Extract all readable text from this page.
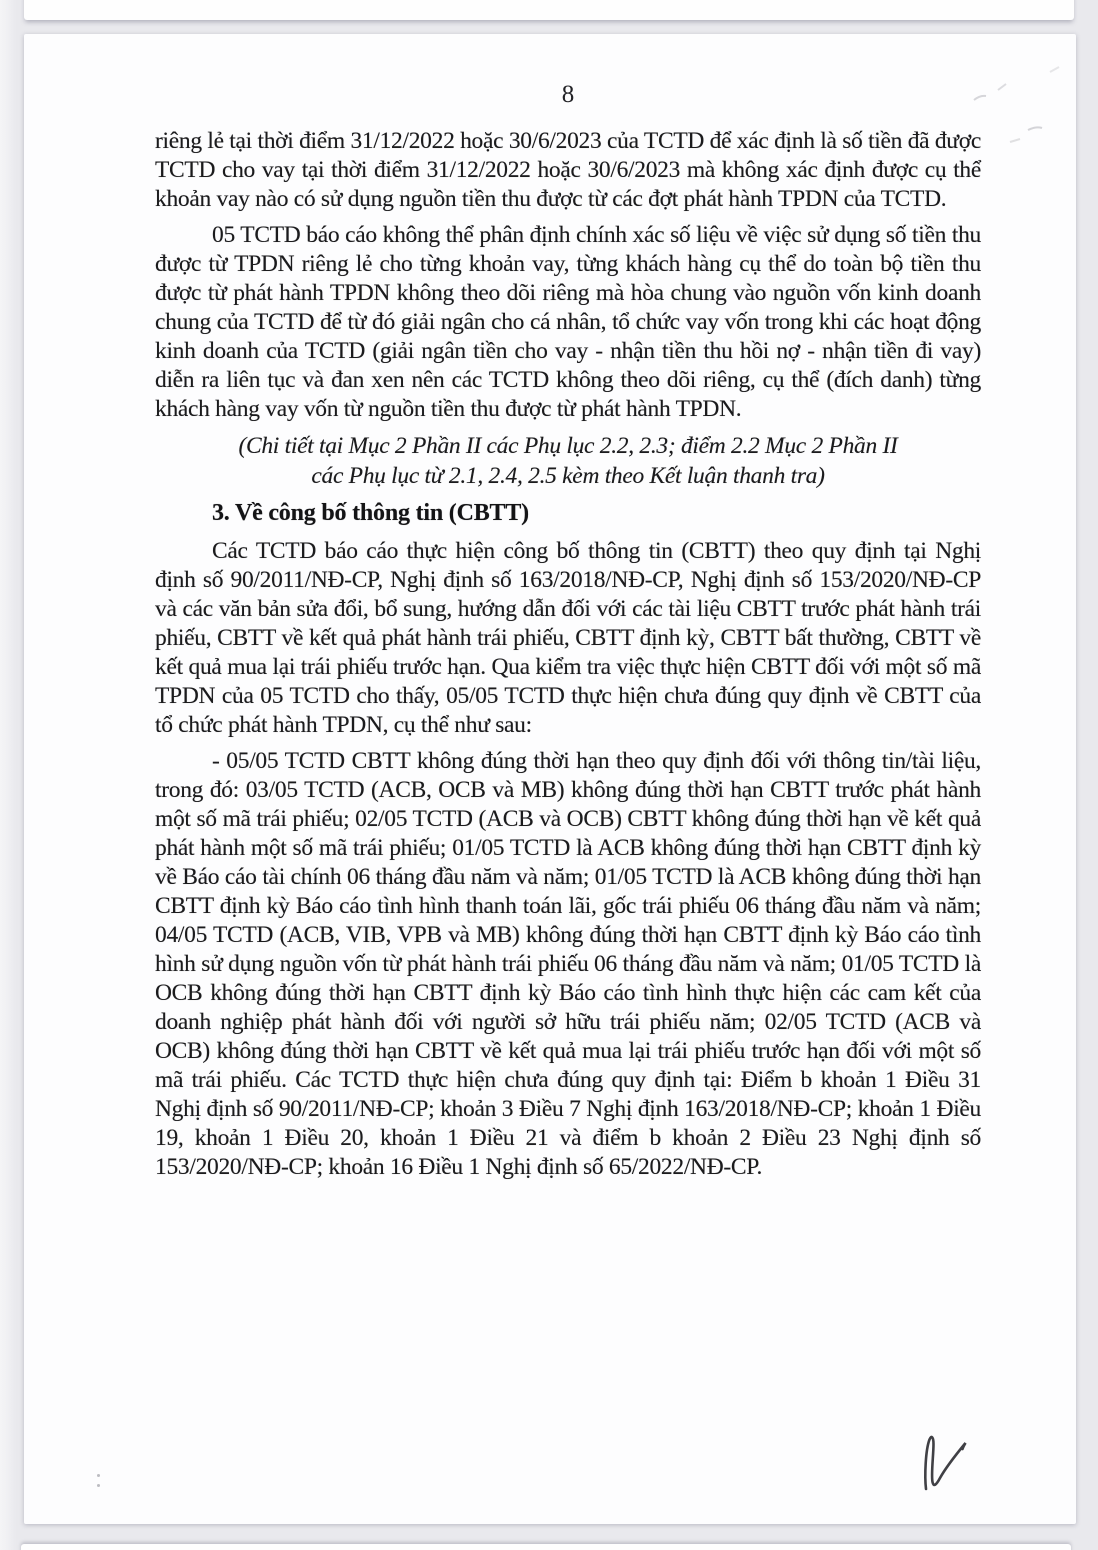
8

riêng lẻ tại thời điểm 31/12/2022 hoặc 30/6/2023 của TCTD để xác định là số tiền đã được TCTD cho vay tại thời điểm 31/12/2022 hoặc 30/6/2023 mà không xác định được cụ thể khoản vay nào có sử dụng nguồn tiền thu được từ các đợt phát hành TPDN của TCTD.

05 TCTD báo cáo không thể phân định chính xác số liệu về việc sử dụng số tiền thu được từ TPDN riêng lẻ cho từng khoản vay, từng khách hàng cụ thể do toàn bộ tiền thu được từ phát hành TPDN không theo dõi riêng mà hòa chung vào nguồn vốn kinh doanh chung của TCTD để từ đó giải ngân cho cá nhân, tổ chức vay vốn trong khi các hoạt động kinh doanh của TCTD (giải ngân tiền cho vay - nhận tiền thu hồi nợ - nhận tiền đi vay) diễn ra liên tục và đan xen nên các TCTD không theo dõi riêng, cụ thể (đích danh) từng khách hàng vay vốn từ nguồn tiền thu được từ phát hành TPDN.

(Chi tiết tại Mục 2 Phần II các Phụ lục 2.2, 2.3; điểm 2.2 Mục 2 Phần II
các Phụ lục từ 2.1, 2.4, 2.5 kèm theo Kết luận thanh tra)
3. Về công bố thông tin (CBTT)

Các TCTD báo cáo thực hiện công bố thông tin (CBTT) theo quy định tại Nghị định số 90/2011/NĐ-CP, Nghị định số 163/2018/NĐ-CP, Nghị định số 153/2020/NĐ-CP và các văn bản sửa đổi, bổ sung, hướng dẫn đối với các tài liệu CBTT trước phát hành trái phiếu, CBTT về kết quả phát hành trái phiếu, CBTT định kỳ, CBTT bất thường, CBTT về kết quả mua lại trái phiếu trước hạn. Qua kiểm tra việc thực hiện CBTT đối với một số mã TPDN của 05 TCTD cho thấy, 05/05 TCTD thực hiện chưa đúng quy định về CBTT của tổ chức phát hành TPDN, cụ thể như sau:

- 05/05 TCTD CBTT không đúng thời hạn theo quy định đối với thông tin/tài liệu, trong đó: 03/05 TCTD (ACB, OCB và MB) không đúng thời hạn CBTT trước phát hành một số mã trái phiếu; 02/05 TCTD (ACB và OCB) CBTT không đúng thời hạn về kết quả phát hành một số mã trái phiếu; 01/05 TCTD là ACB không đúng thời hạn CBTT định kỳ về Báo cáo tài chính 06 tháng đầu năm và năm; 01/05 TCTD là ACB không đúng thời hạn CBTT định kỳ Báo cáo tình hình thanh toán lãi, gốc trái phiếu 06 tháng đầu năm và năm; 04/05 TCTD (ACB, VIB, VPB và MB) không đúng thời hạn CBTT định kỳ Báo cáo tình hình sử dụng nguồn vốn từ phát hành trái phiếu 06 tháng đầu năm và năm; 01/05 TCTD là OCB không đúng thời hạn CBTT định kỳ Báo cáo tình hình thực hiện các cam kết của doanh nghiệp phát hành đối với người sở hữu trái phiếu năm; 02/05 TCTD (ACB và OCB) không đúng thời hạn CBTT về kết quả mua lại trái phiếu trước hạn đối với một số mã trái phiếu. Các TCTD thực hiện chưa đúng quy định tại: Điểm b khoản 1 Điều 31 Nghị định số 90/2011/NĐ-CP; khoản 3 Điều 7 Nghị định 163/2018/NĐ-CP; khoản 1 Điều 19, khoản 1 Điều 20, khoản 1 Điều 21 và điểm b khoản 2 Điều 23 Nghị định số 153/2020/NĐ-CP; khoản 16 Điều 1 Nghị định số 65/2022/NĐ-CP.
